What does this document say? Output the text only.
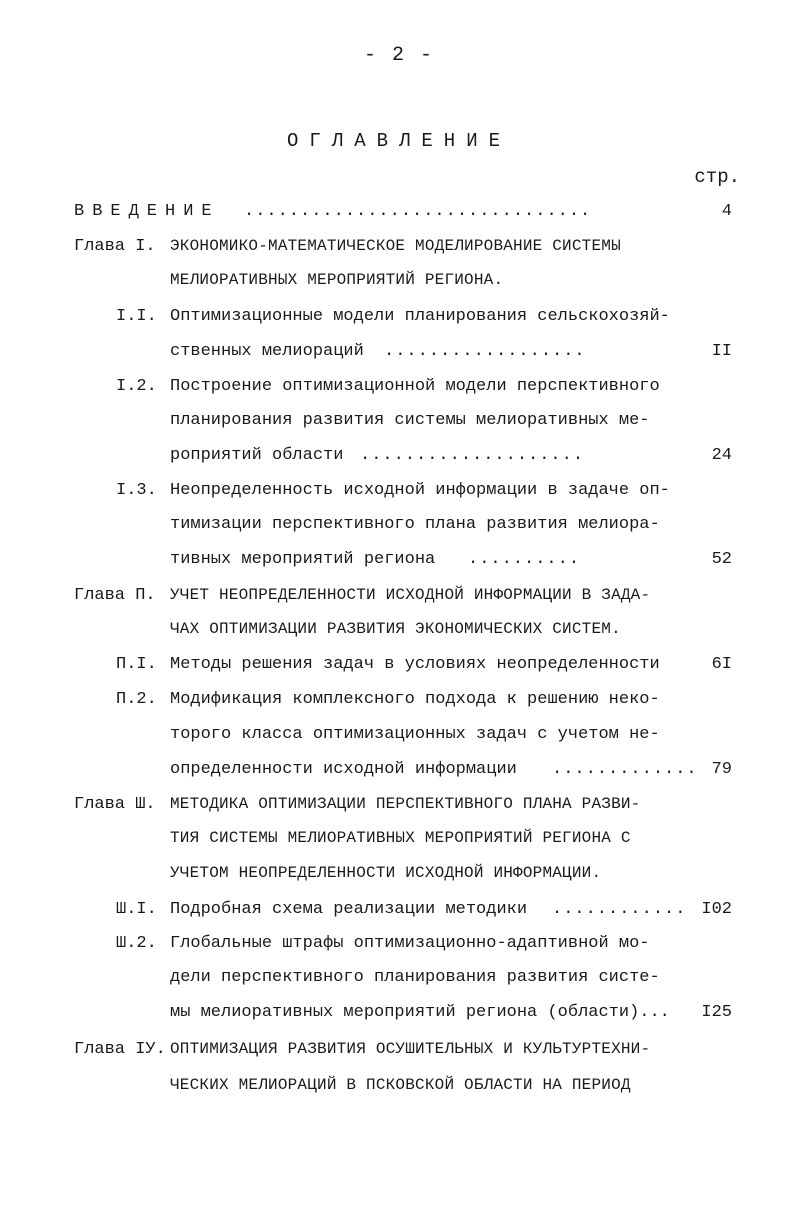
- 2 -
ОГЛАВЛЕНИЕ
стр.
ВВЕДЕНИЕ ...............................	4
Глава I. ЭКОНОМИКО-МАТЕМАТИЧЕСКОЕ МОДЕЛИРОВАНИЕ СИСТЕМЫ
МЕЛИОРАТИВНЫХ МЕРОПРИЯТИЙ РЕГИОНА.
I.I. Оптимизационные модели планирования сельскохозяй-
ственных мелиораций ..................	II
I.2. Построение оптимизационной модели перспективного
планирования развития системы мелиоративных ме-
роприятий области ....................	24
I.3. Неопределенность исходной информации в задаче оп-
тимизации перспективного плана развития мелиора-
тивных мероприятий региона ..........	52
Глава П. УЧЕТ НЕОПРЕДЕЛЕННОСТИ ИСХОДНОЙ ИНФОРМАЦИИ В ЗАДА-
ЧАХ ОПТИМИЗАЦИИ РАЗВИТИЯ ЭКОНОМИЧЕСКИХ СИСТЕМ.
П.I. Методы решения задач в условиях неопределенности	6I
П.2. Модификация комплексного подхода к решению неко-
торого класса оптимизационных задач с учетом не-
определенности исходной информации ............. 79
Глава Ш. МЕТОДИКА ОПТИМИЗАЦИИ ПЕРСПЕКТИВНОГО ПЛАНА РАЗВИ-
ТИЯ СИСТЕМЫ МЕЛИОРАТИВНЫХ МЕРОПРИЯТИЙ РЕГИОНА С
УЧЕТОМ НЕОПРЕДЕЛЕННОСТИ ИСХОДНОЙ ИНФОРМАЦИИ.
Ш.I. Подробная схема реализации методики ............ I02
Ш.2. Глобальные штрафы оптимизационно-адаптивной мо-
дели перспективного планирования развития систе-
мы мелиоративных мероприятий региона (области)...	I25
Глава IУ. ОПТИМИЗАЦИЯ РАЗВИТИЯ ОСУШИТЕЛЬНЫХ И КУЛЬТУРТЕХНИ-
ЧЕСКИХ МЕЛИОРАЦИЙ В ПСКОВСКОЙ ОБЛАСТИ НА ПЕРИОД
